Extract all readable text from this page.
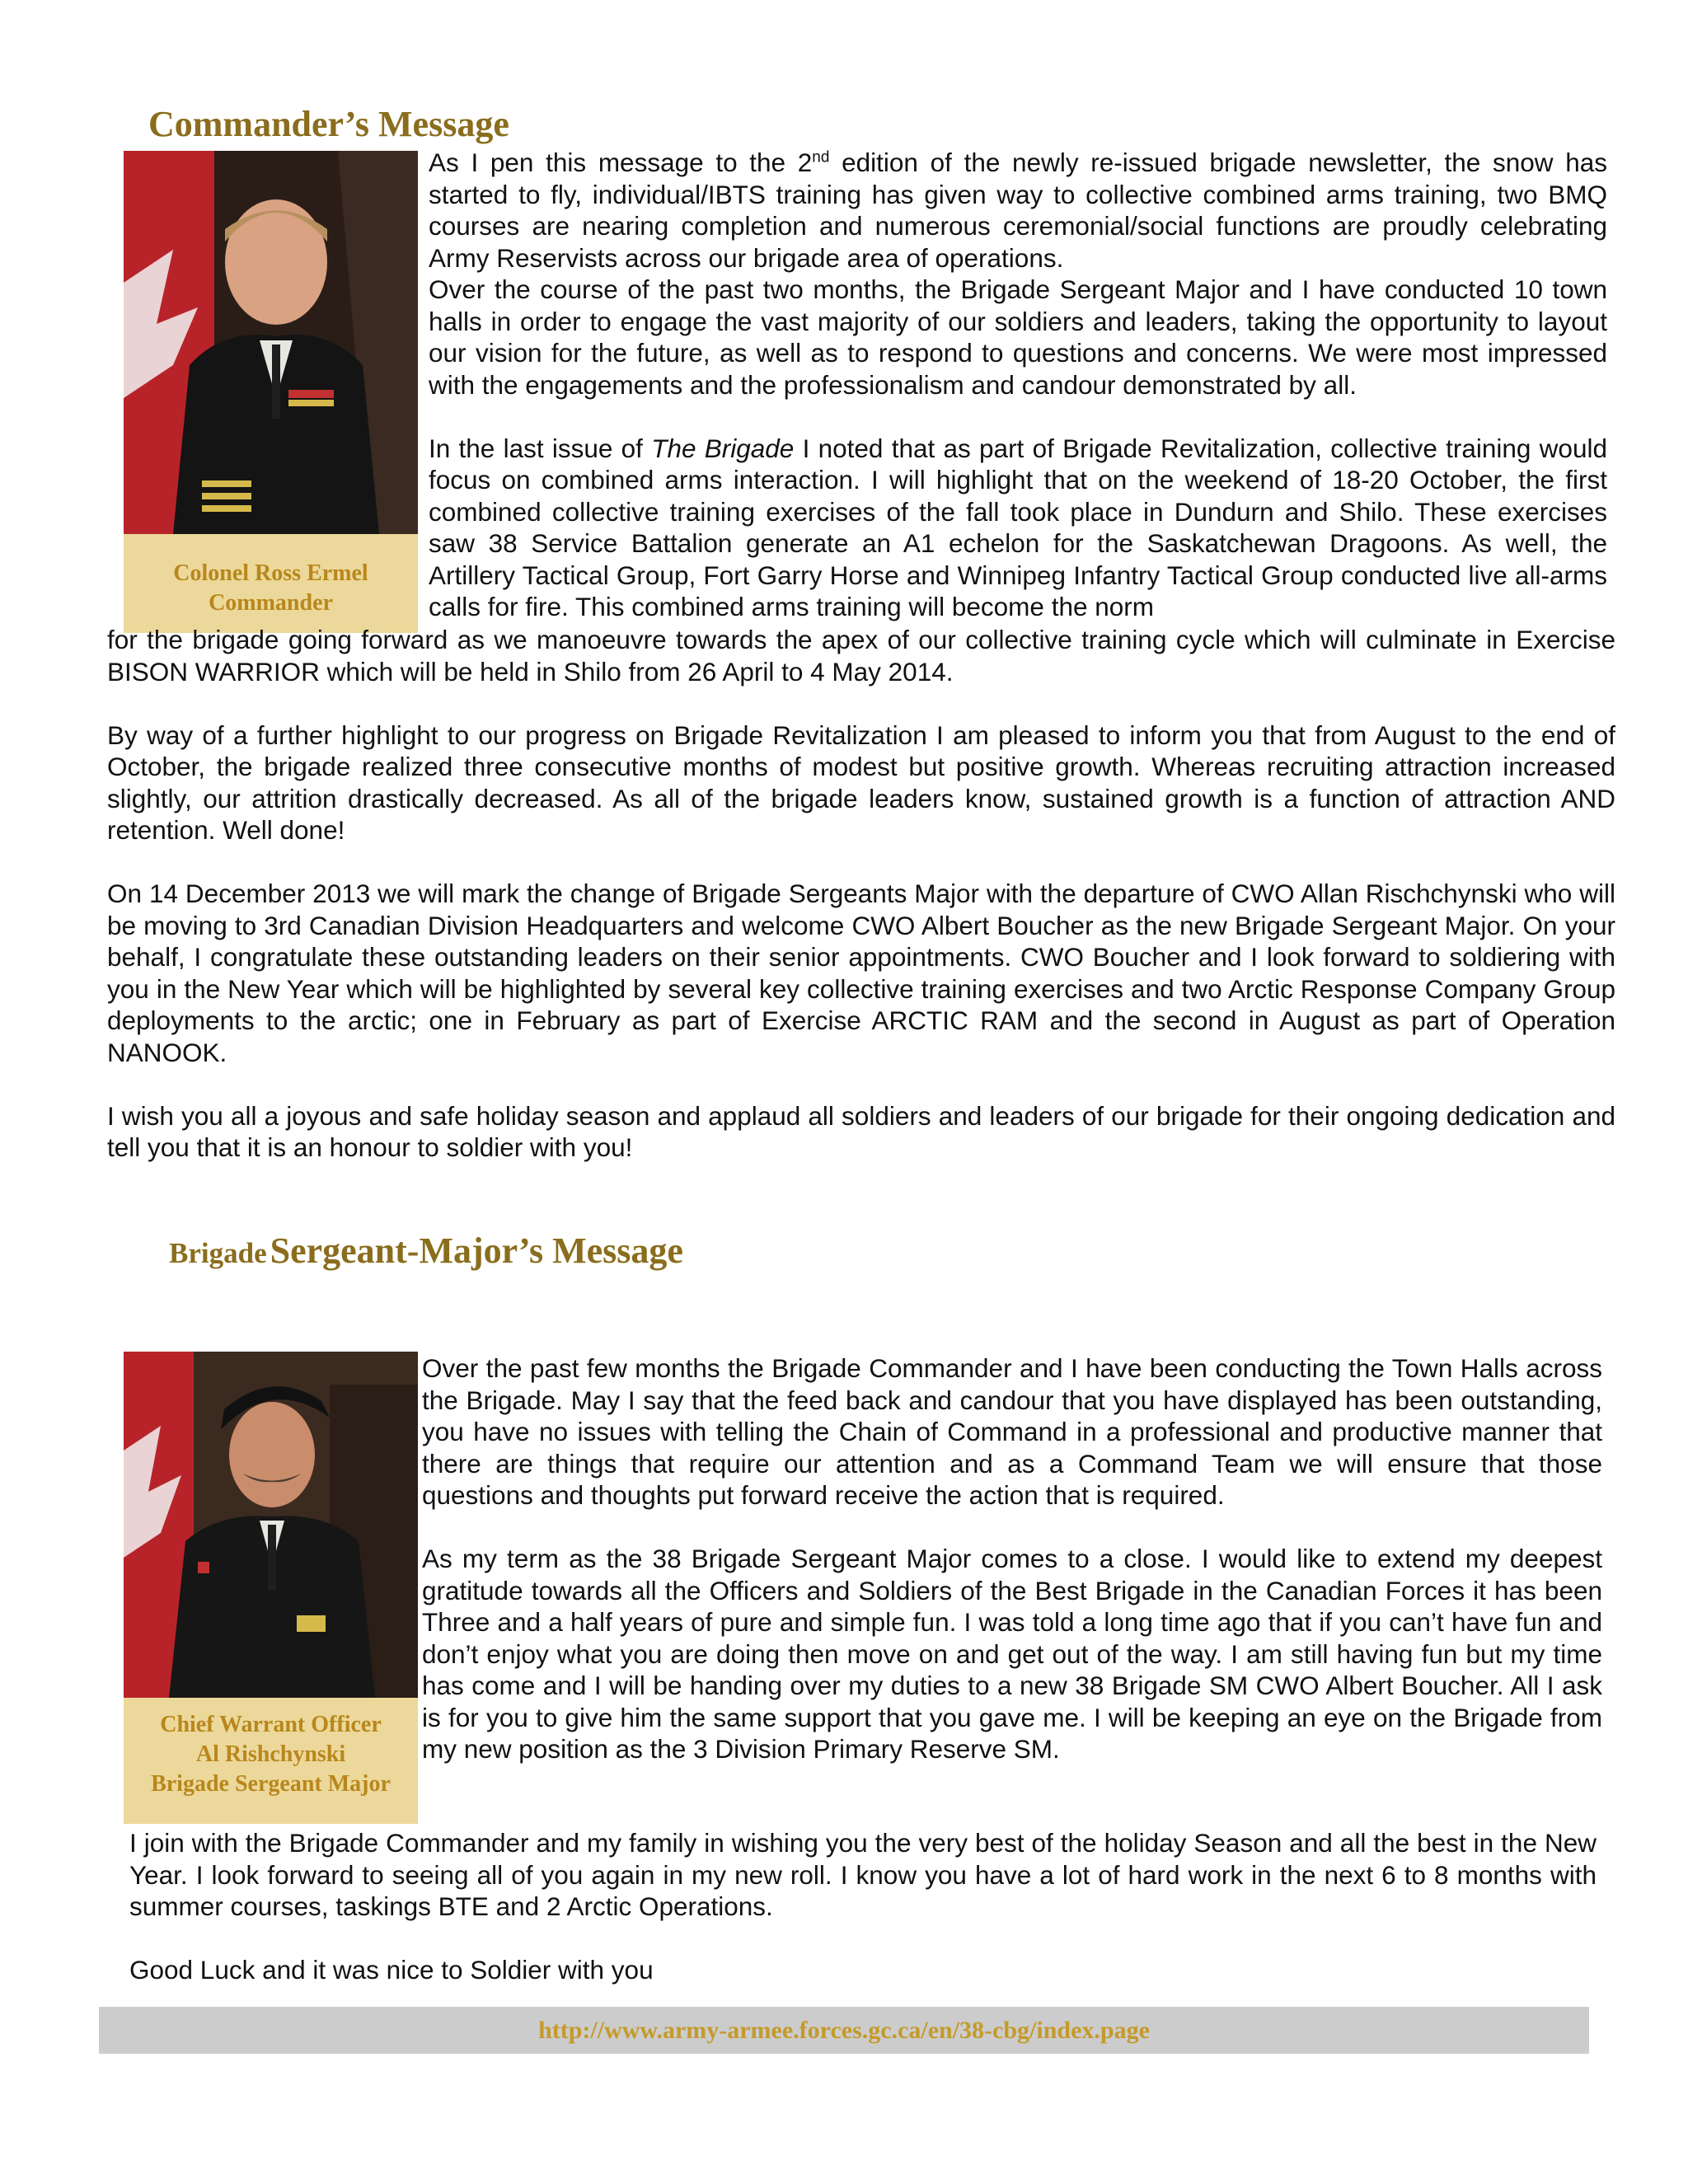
Commander’s Message
Colonel Ross Ermel
Commander

As I pen this message to the 2nd edition of the newly re-issued brigade newsletter, the snow has started to fly, individual/IBTS training has given way to collective combined arms training, two BMQ courses are nearing completion and numerous ceremonial/social functions are proudly celebrating Army Reservists across our brigade area of operations.

Over the course of the past two months, the Brigade Sergeant Major and I have conducted 10 town halls in order to engage the vast majority of our soldiers and leaders, taking the opportunity to layout our vision for the future, as well as to respond to questions and concerns. We were most impressed with the engagements and the professionalism and candour demonstrated by all.

In the last issue of The Brigade I noted that as part of Brigade Revitalization, collective training would focus on combined arms interaction. I will highlight that on the weekend of 18-20 October, the first combined collective training exercises of the fall took place in Dundurn and Shilo. These exercises saw 38 Service Battalion generate an A1 echelon for the Saskatchewan Dragoons. As well, the Artillery Tactical Group, Fort Garry Horse and Winnipeg Infantry Tactical Group conducted live all-arms calls for fire. This combined arms training will become the norm

for the brigade going forward as we manoeuvre towards the apex of our collective training cycle which will culminate in Exercise BISON WARRIOR which will be held in Shilo from 26 April to 4 May 2014.

By way of a further highlight to our progress on Brigade Revitalization I am pleased to inform you that from August to the end of October, the brigade realized three consecutive months of modest but positive growth. Whereas recruiting attraction increased slightly, our attrition drastically decreased. As all of the brigade leaders know, sustained growth is a function of attraction AND retention. Well done!

On 14 December 2013 we will mark the change of Brigade Sergeants Major with the departure of CWO Allan Rischchynski who will be moving to 3rd Canadian Division Headquarters and welcome CWO Albert Boucher as the new Brigade Sergeant Major. On your behalf, I congratulate these outstanding leaders on their senior appointments. CWO Boucher and I look forward to soldiering with you in the New Year which will be highlighted by several key collective training exercises and two Arctic Response Company Group deployments to the arctic; one in February as part of Exercise ARCTIC RAM and the second in August as part of Operation NANOOK.

I wish you all a joyous and safe holiday season and applaud all soldiers and leaders of our brigade for their ongoing dedication and tell you that it is an honour to soldier with you!

Brigade Sergeant-Major’s Message
Chief Warrant Officer
Al Rishchynski
Brigade Sergeant Major

Over the past few months the Brigade Commander and I have been conducting the Town Halls across the Brigade. May I say that the feed back and candour that you have displayed has been outstanding, you have no issues with telling the Chain of Command in a professional and productive manner that there are things that require our attention and as a Command Team we will ensure that those questions and thoughts put forward receive the action that is required.

As my term as the 38 Brigade Sergeant Major comes to a close. I would like to extend my deepest gratitude towards all the Officers and Soldiers of the Best Brigade in the Canadian Forces it has been Three and a half years of pure and simple fun. I was told a long time ago that if you can’t have fun and don’t enjoy what you are doing then move on and get out of the way. I am still having fun but my time has come and I will be handing over my duties to a new 38 Brigade SM CWO Albert Boucher. All I ask is for you to give him the same support that you gave me. I will be keeping an eye on the Brigade from my new position as the 3 Division Primary Reserve SM.

I join with the Brigade Commander and my family in wishing you the very best of the holiday Season and all the best in the New Year. I look forward to seeing all of you again in my new roll. I know you have a lot of hard work in the next 6 to 8 months with summer courses, taskings BTE and 2 Arctic Operations.

Good Luck and it was nice to Soldier with you

http://www.army-armee.forces.gc.ca/en/38-cbg/index.page
